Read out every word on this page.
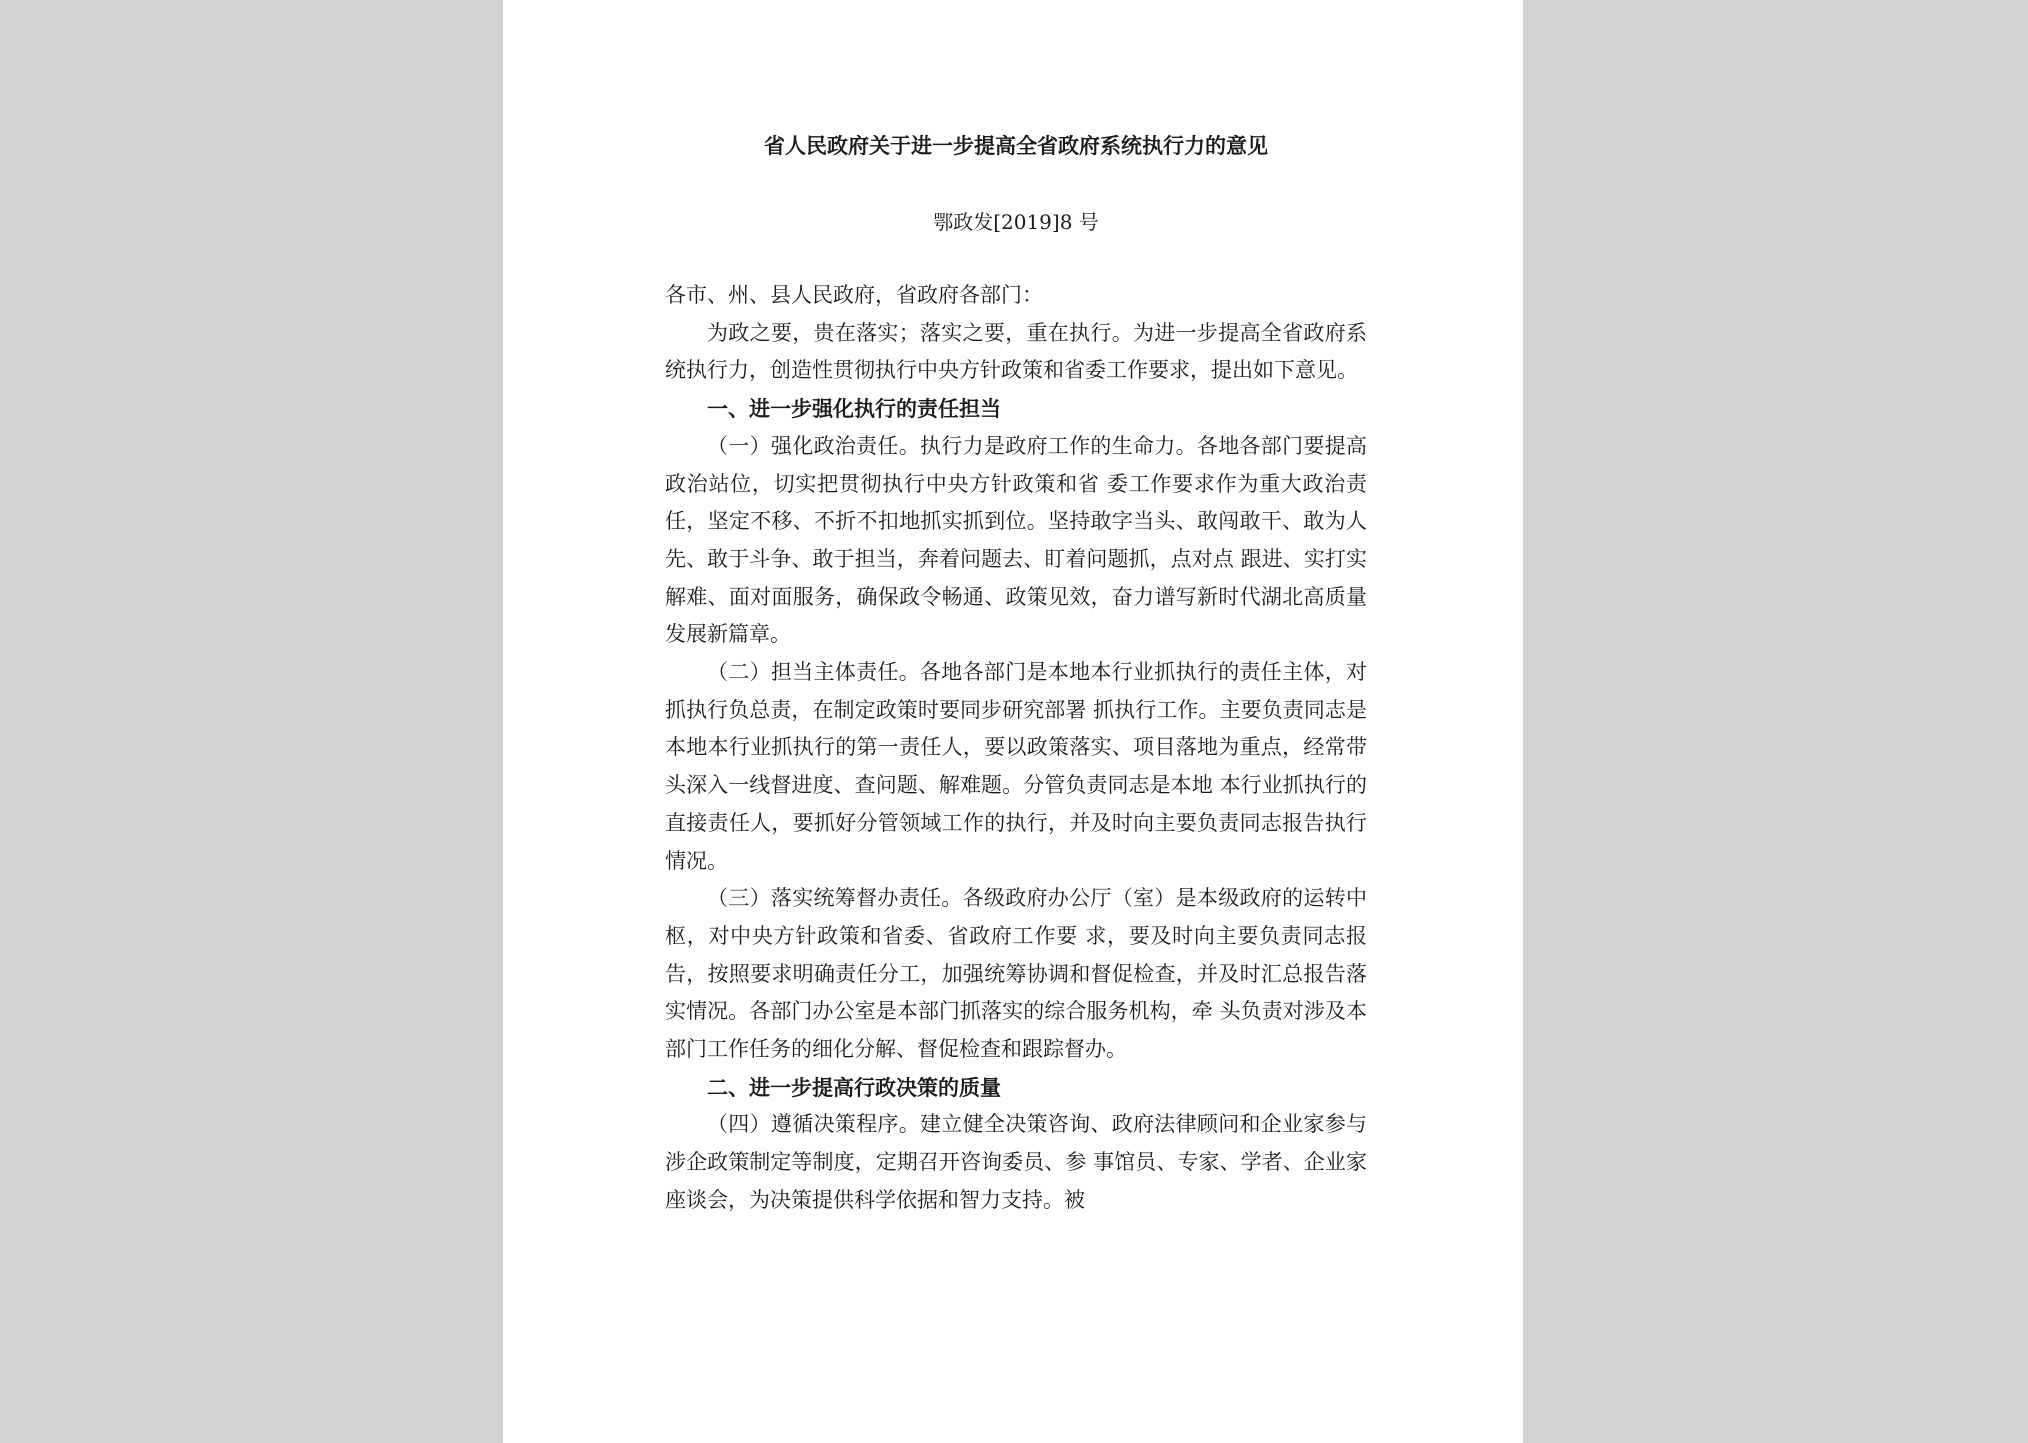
省人民政府关于进一步提高全省政府系统执行力的意见
鄂政发[2019]8 号

各市、州、县人民政府，省政府各部门：

为政之要，贵在落实；落实之要，重在执行。为进一步提高全省政府系统执行力，创造性贯彻执行中央方针政策和省委工作要求，提出如下意见。

一、进一步强化执行的责任担当

（一）强化政治责任。执行力是政府工作的生命力。各地各部门要提高政治站位，切实把贯彻执行中央方针政策和省 委工作要求作为重大政治责任，坚定不移、不折不扣地抓实抓到位。坚持敢字当头、敢闯敢干、敢为人先、敢于斗争、敢于担当，奔着问题去、盯着问题抓，点对点 跟进、实打实解难、面对面服务，确保政令畅通、政策见效，奋力谱写新时代湖北高质量发展新篇章。

（二）担当主体责任。各地各部门是本地本行业抓执行的责任主体，对抓执行负总责，在制定政策时要同步研究部署 抓执行工作。主要负责同志是本地本行业抓执行的第一责任人，要以政策落实、项目落地为重点，经常带头深入一线督进度、查问题、解难题。分管负责同志是本地 本行业抓执行的直接责任人，要抓好分管领域工作的执行，并及时向主要负责同志报告执行情况。

（三）落实统筹督办责任。各级政府办公厅（室）是本级政府的运转中枢，对中央方针政策和省委、省政府工作要 求，要及时向主要负责同志报告，按照要求明确责任分工，加强统筹协调和督促检查，并及时汇总报告落实情况。各部门办公室是本部门抓落实的综合服务机构，牵 头负责对涉及本部门工作任务的细化分解、督促检查和跟踪督办。

二、进一步提高行政决策的质量

（四）遵循决策程序。建立健全决策咨询、政府法律顾问和企业家参与涉企政策制定等制度，定期召开咨询委员、参 事馆员、专家、学者、企业家座谈会，为决策提供科学依据和智力支持。被
